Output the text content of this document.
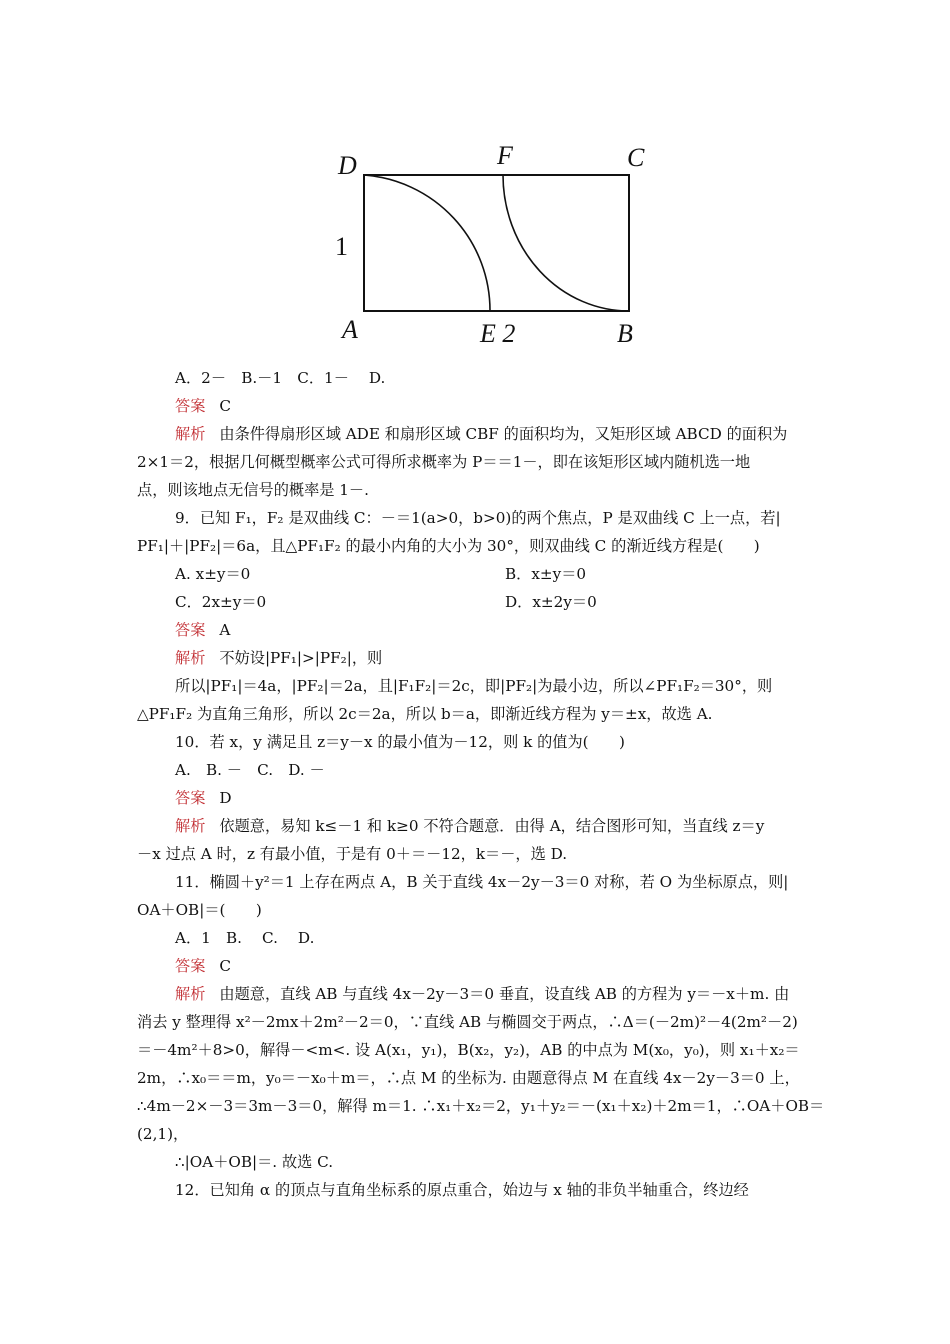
D	F	C
1
A	E 2	B
A．2－　B.－1　C．1－　 D.
答案 C
解析 由条件得扇形区域 ADE 和扇形区域 CBF 的面积均为，又矩形区域 ABCD 的面积为
2×1＝2，根据几何概型概率公式可得所求概率为 P＝＝1－，即在该矩形区域内随机选一地
点，则该地点无信号的概率是 1－.
9．已知 F₁，F₂ 是双曲线 C：－＝1(a>0，b>0)的两个焦点，P 是双曲线 C 上一点，若|
PF₁|＋|PF₂|＝6a，且△PF₁F₂ 的最小内角的大小为 30°，则双曲线 C 的渐近线方程是(　　)
A. x±y＝0	B．x±y＝0
C．2x±y＝0	D．x±2y＝0
答案 A
解析 不妨设|PF₁|>|PF₂|，则
所以|PF₁|＝4a，|PF₂|＝2a，且|F₁F₂|＝2c，即|PF₂|为最小边，所以∠PF₁F₂＝30°，则
△PF₁F₂ 为直角三角形，所以 2c＝2a，所以 b＝a，即渐近线方程为 y＝±x，故选 A.
10．若 x，y 满足且 z＝y－x 的最小值为－12，则 k 的值为(　　)
A.　B. －　C.　D. －
答案 D
解析 依题意，易知 k≤－1 和 k≥0 不符合题意．由得 A，结合图形可知，当直线 z＝y
－x 过点 A 时，z 有最小值，于是有 0＋＝－12，k＝－，选 D.
11．椭圆＋y²＝1 上存在两点 A，B 关于直线 4x－2y－3＝0 对称，若 O 为坐标原点，则|
OA＋OB|＝(　　)
A．1　B.　 C.　 D.
答案 C
解析 由题意，直线 AB 与直线 4x－2y－3＝0 垂直，设直线 AB 的方程为 y＝－x＋m. 由
消去 y 整理得 x²－2mx＋2m²－2＝0，∵直线 AB 与椭圆交于两点，∴Δ＝(－2m)²－4(2m²－2)
＝－4m²＋8>0，解得－<m<. 设 A(x₁，y₁)，B(x₂，y₂)，AB 的中点为 M(x₀，y₀)，则 x₁＋x₂＝
2m，∴x₀＝＝m，y₀＝－x₀＋m＝，∴点 M 的坐标为. 由题意得点 M 在直线 4x－2y－3＝0 上，
∴4m－2×－3＝3m－3＝0，解得 m＝1. ∴x₁＋x₂＝2，y₁＋y₂＝－(x₁＋x₂)＋2m＝1，∴OA＋OB＝
(2,1)，
∴|OA＋OB|＝. 故选 C.
12．已知角 α 的顶点与直角坐标系的原点重合，始边与 x 轴的非负半轴重合，终边经
